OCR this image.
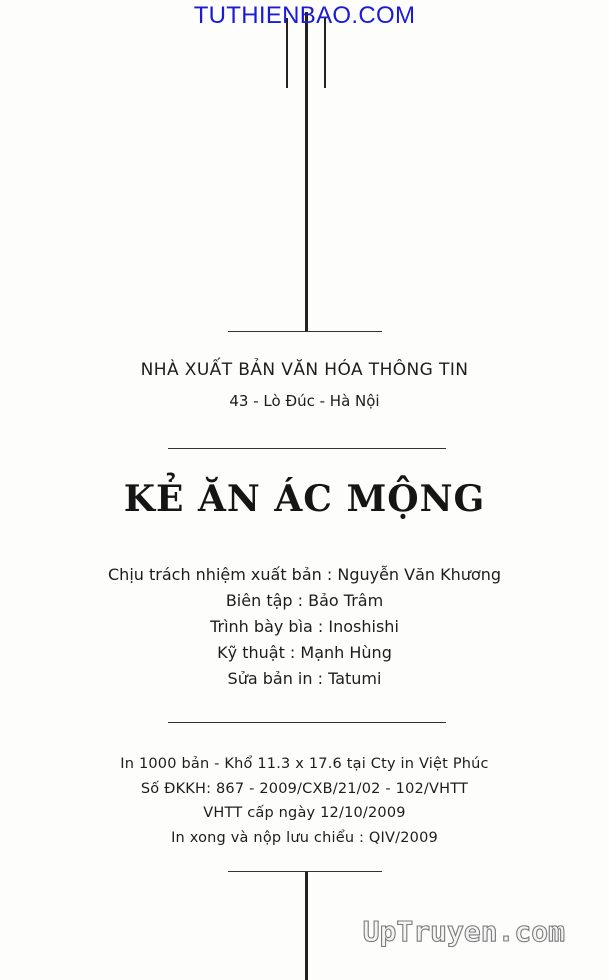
TUTHIENBAO.COM
NHÀ XUẤT BẢN VĂN HÓA THÔNG TIN
43 - Lò Đúc - Hà Nội
KẺ ĂN ÁC MỘNG
Chịu trách nhiệm xuất bản : Nguyễn Văn Khương
Biên tập : Bảo Trâm
Trình bày bìa : Inoshishi
Kỹ thuật : Mạnh Hùng
Sửa bản in : Tatumi
In 1000 bản - Khổ 11.3 x 17.6 tại Cty in Việt Phúc
Số ĐKKH: 867 - 2009/CXB/21/02 - 102/VHTT
VHTT cấp ngày 12/10/2009
In xong và nộp lưu chiểu : QIV/2009
UpTruyen.com
